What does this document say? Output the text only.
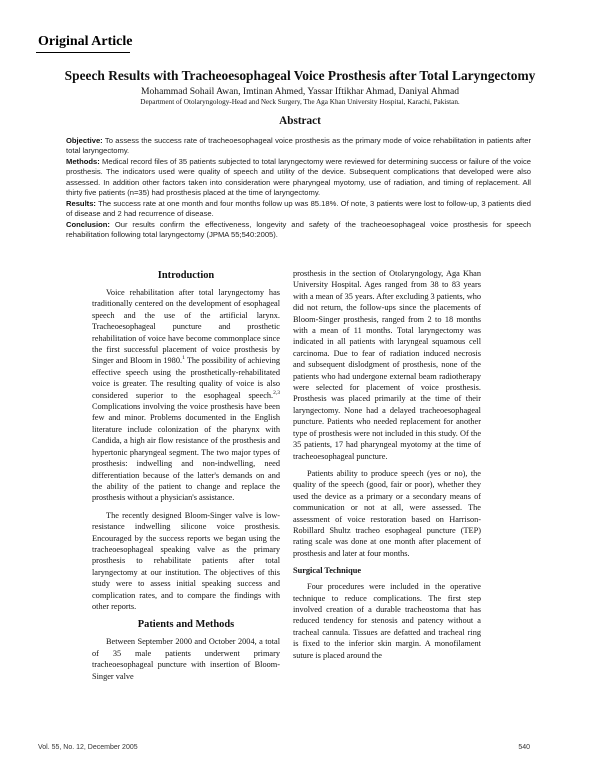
Original Article
Speech Results with Tracheoesophageal Voice Prosthesis after Total Laryngectomy

Mohammad Sohail Awan, Imtinan Ahmed, Yassar Iftikhar Ahmad, Daniyal Ahmad

Department of Otolaryngology-Head and Neck Surgery, The Aga Khan University Hospital, Karachi, Pakistan.

Abstract

Objective: To assess the success rate of tracheoesophageal voice prosthesis as the primary mode of voice rehabilitation in patients after total laryngectomy.

Methods: Medical record files of 35 patients subjected to total laryngectomy were reviewed for determining success or failure of the voice prosthesis. The indicators used were quality of speech and utility of the device. Subsequent complications that developed were also assessed. In addition other factors taken into consideration were pharyngeal myotomy, use of radiation, and timing of replacement. All thirty five patients (n=35) had prosthesis placed at the time of laryngectomy.

Results: The success rate at one month and four months follow up was 85.18%. Of note, 3 patients were lost to follow-up, 3 patients died of disease and 2 had recurrence of disease.

Conclusion: Our results confirm the effectiveness, longevity and safety of the tracheoesophageal voice prosthesis for speech rehabilitation following total laryngectomy (JPMA 55;540:2005).

Introduction

Voice rehabilitation after total laryngectomy has traditionally centered on the development of esophageal speech and the use of the artificial larynx. Tracheoesophageal puncture and prosthetic rehabilitation of voice have become commonplace since the first successful placement of voice prosthesis by Singer and Bloom in 1980.$^1$ The possibility of achieving effective speech using the prosthetically-rehabilitated voice is greater. The resulting quality of voice is also considered superior to the esophageal speech.$^{2,3}$ Complications involving the voice prosthesis have been few and minor. Problems documented in the English literature include colonization of the pharynx with Candida, a high air flow resistance of the prosthesis and hypertonic pharyngeal segment. The two major types of prosthesis: indwelling and non-indwelling, need differentiation because of the latter's demands on and the ability of the patient to change and replace the prosthesis without a physician's assistance.

The recently designed Bloom-Singer valve is low-resistance indwelling silicone voice prosthesis. Encouraged by the success reports we began using the tracheoesophageal speaking valve as the primary prosthesis to rehabilitate patients after total laryngectomy at our institution. The objectives of this study were to assess initial speaking success and complication rates, and to compare the findings with other reports.

Patients and Methods

Between September 2000 and October 2004, a total of 35 male patients underwent primary tracheoesophageal puncture with insertion of Bloom-Singer valve

prosthesis in the section of Otolaryngology, Aga Khan University Hospital. Ages ranged from 38 to 83 years with a mean of 35 years. After excluding 3 patients, who did not return, the follow-ups since the placements of Bloom-Singer prosthesis, ranged from 2 to 18 months with a mean of 11 months. Total laryngectomy was indicated in all patients with laryngeal squamous cell carcinoma. Due to fear of radiation induced necrosis and subsequent dislodgment of prosthesis, none of the patients who had undergone external beam radiotherapy were selected for placement of voice prosthesis. Prosthesis was placed primarily at the time of their laryngectomy. None had a delayed tracheoesophageal puncture. Patients who needed replacement for another type of prosthesis were not included in this study. Of the 35 patients, 17 had pharyngeal myotomy at the time of tracheoesophageal puncture.

Patients ability to produce speech (yes or no), the quality of the speech (good, fair or poor), whether they used the device as a primary or a secondary means of communication or not at all, were assessed. The assessment of voice restoration based on Harrison-Robillard Shultz tracheo esophageal puncture (TEP) rating scale was done at one month after placement of prosthesis and later at four months.

Surgical Technique

Four procedures were included in the operative technique to reduce complications. The first step involved creation of a durable tracheostoma that has reduced tendency for stenosis and patency without a tracheal cannula. Tissues are defatted and tracheal ring is fixed to the inferior skin margin. A monofilament suture is placed around the

Vol. 55, No. 12, December 2005	540
